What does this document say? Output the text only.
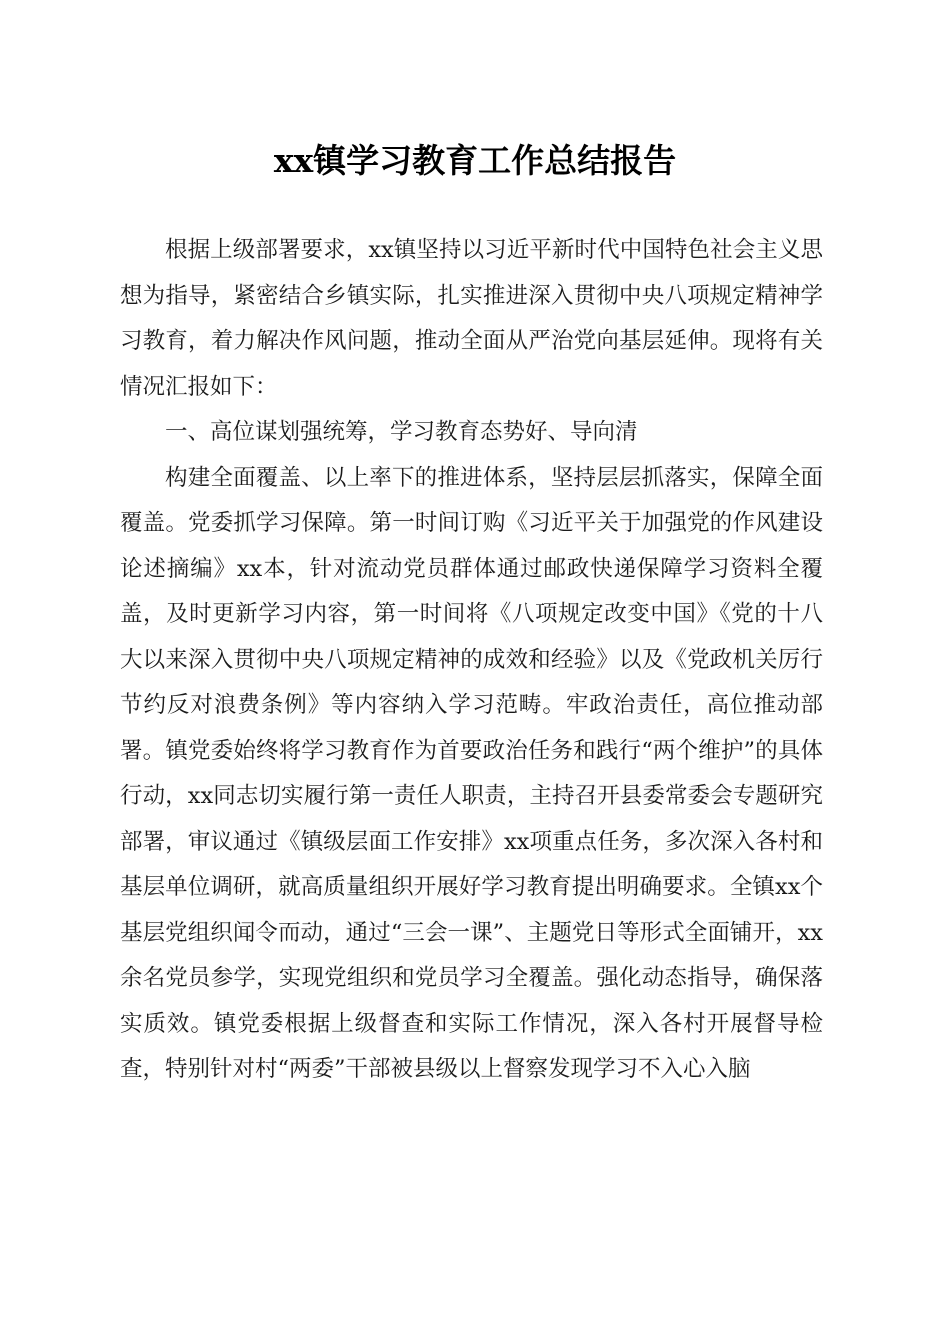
xx镇学习教育工作总结报告

根据上级部署要求，xx镇坚持以习近平新时代中国特色社会主义思想为指导，紧密结合乡镇实际，扎实推进深入贯彻中央八项规定精神学习教育，着力解决作风问题，推动全面从严治党向基层延伸。现将有关情况汇报如下：

一、高位谋划强统筹，学习教育态势好、导向清

构建全面覆盖、以上率下的推进体系，坚持层层抓落实，保障全面覆盖。党委抓学习保障。第一时间订购《习近平关于加强党的作风建设论述摘编》xx本，针对流动党员群体通过邮政快递保障学习资料全覆盖，及时更新学习内容，第一时间将《八项规定改变中国》《党的十八大以来深入贯彻中央八项规定精神的成效和经验》以及《党政机关厉行节约反对浪费条例》等内容纳入学习范畴。牢政治责任，高位推动部署。镇党委始终将学习教育作为首要政治任务和践行“两个维护”的具体行动，xx同志切实履行第一责任人职责，主持召开县委常委会专题研究部署，审议通过《镇级层面工作安排》xx项重点任务，多次深入各村和基层单位调研，就高质量组织开展好学习教育提出明确要求。全镇xx个基层党组织闻令而动，通过“三会一课”、主题党日等形式全面铺开，xx余名党员参学，实现党组织和党员学习全覆盖。强化动态指导，确保落实质效。镇党委根据上级督查和实际工作情况，深入各村开展督导检查，特别针对村“两委”干部被县级以上督察发现学习不入心入脑
